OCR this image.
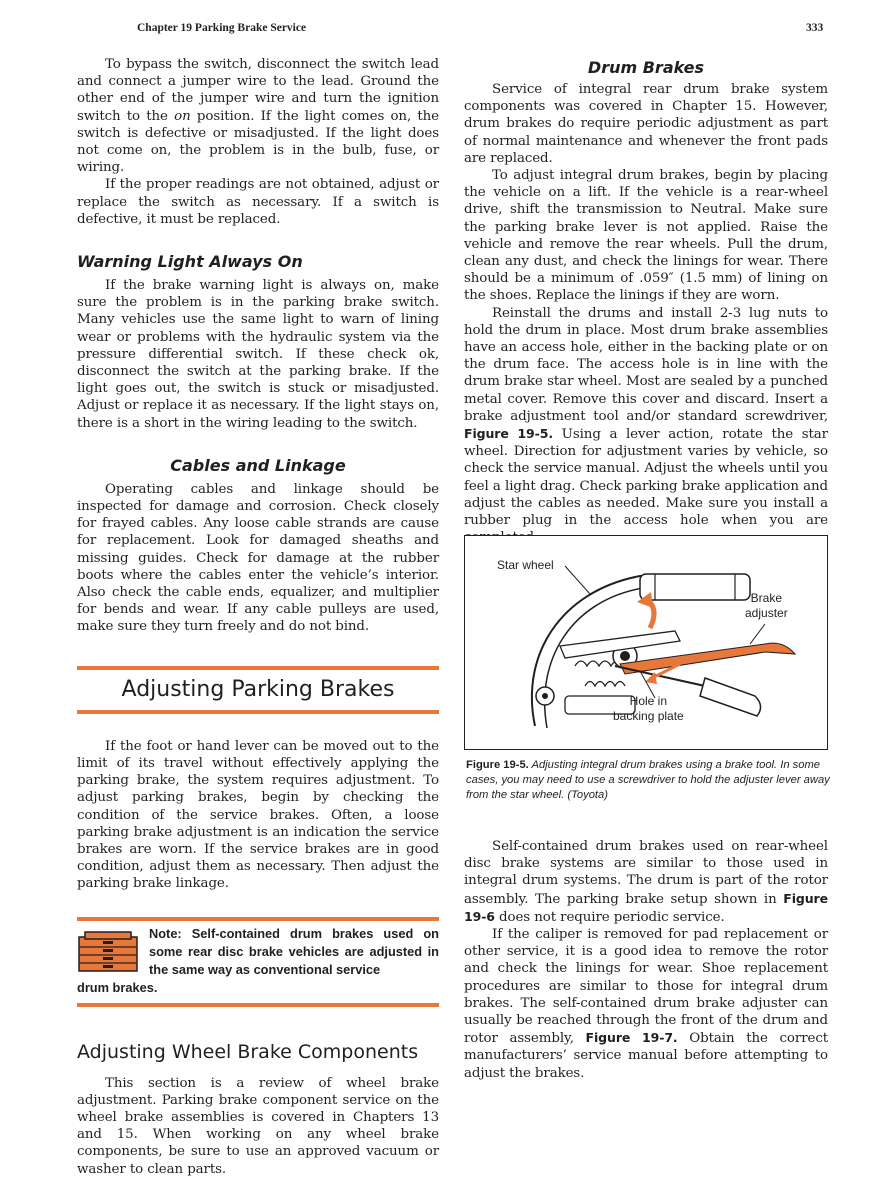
Chapter 19 Parking Brake Service	333

To bypass the switch, disconnect the switch lead and connect a jumper wire to the lead. Ground the other end of the jumper wire and turn the ignition switch to the on position. If the light comes on, the switch is defective or misadjusted. If the light does not come on, the problem is in the bulb, fuse, or wiring.

If the proper readings are not obtained, adjust or replace the switch as necessary. If a switch is defective, it must be replaced.

Warning Light Always On

If the brake warning light is always on, make sure the problem is in the parking brake switch. Many vehicles use the same light to warn of lining wear or problems with the hydraulic system via the pressure differential switch. If these check ok, disconnect the switch at the parking brake. If the light goes out, the switch is stuck or misadjusted. Adjust or replace it as necessary. If the light stays on, there is a short in the wiring leading to the switch.

Cables and Linkage

Operating cables and linkage should be inspected for damage and corrosion. Check closely for frayed cables. Any loose cable strands are cause for replacement. Look for damaged sheaths and missing guides. Check for damage at the rubber boots where the cables enter the vehicle’s interior. Also check the cable ends, equalizer, and multiplier for bends and wear. If any cable pulleys are used, make sure they turn freely and do not bind.

Adjusting Parking Brakes

If the foot or hand lever can be moved out to the limit of its travel without effectively applying the parking brake, the system requires adjustment. To adjust parking brakes, begin by checking the condition of the service brakes. Often, a loose parking brake adjustment is an indication the service brakes are worn. If the service brakes are in good condition, adjust them as necessary. Then adjust the parking brake linkage.

Note: Self-contained drum brakes used on some rear disc brake vehicles are adjusted in the same way as conventional service
drum brakes.
Adjusting Wheel Brake Components

This section is a review of wheel brake adjustment. Parking brake component service on the wheel brake assemblies is covered in Chapters 13 and 15. When working on any wheel brake components, be sure to use an approved vacuum or washer to clean parts.

Drum Brakes

Service of integral rear drum brake system components was covered in Chapter 15. However, drum brakes do require periodic adjustment as part of normal maintenance and whenever the front pads are replaced.

To adjust integral drum brakes, begin by placing the vehicle on a lift. If the vehicle is a rear-wheel drive, shift the transmission to Neutral. Make sure the parking brake lever is not applied. Raise the vehicle and remove the rear wheels. Pull the drum, clean any dust, and check the linings for wear. There should be a minimum of .059″ (1.5 mm) of lining on the shoes. Replace the linings if they are worn.

Reinstall the drums and install 2-3 lug nuts to hold the drum in place. Most drum brake assemblies have an access hole, either in the backing plate or on the drum face. The access hole is in line with the drum brake star wheel. Most are sealed by a punched metal cover. Remove this cover and discard. Insert a brake adjustment tool and/or standard screwdriver, Figure 19-5. Using a lever action, rotate the star wheel. Direction for adjustment varies by vehicle, so check the service manual. Adjust the wheels until you feel a light drag. Check parking brake application and adjust the cables as needed. Make sure you install a rubber plug in the access hole when you are

Star wheel
Brake
adjuster
Hole in
backing plate
Figure 19-5. Adjusting integral drum brakes using a brake tool. In some cases, you may need to use a screwdriver to hold the adjuster lever away from the star wheel. (Toyota)

Self-contained drum brakes used on rear-wheel disc brake systems are similar to those used in integral drum systems. The drum is part of the rotor assembly. The parking brake setup shown in Figure 19-6 does not require periodic service.

If the caliper is removed for pad replacement or other service, it is a good idea to remove the rotor and check the linings for wear. Shoe replacement procedures are similar to those for integral drum brakes. The self-contained drum brake adjuster can usually be reached through the front of the drum and rotor assembly, Figure 19-7. Obtain the correct manufacturers’ service manual before attempting to adjust the brakes.
